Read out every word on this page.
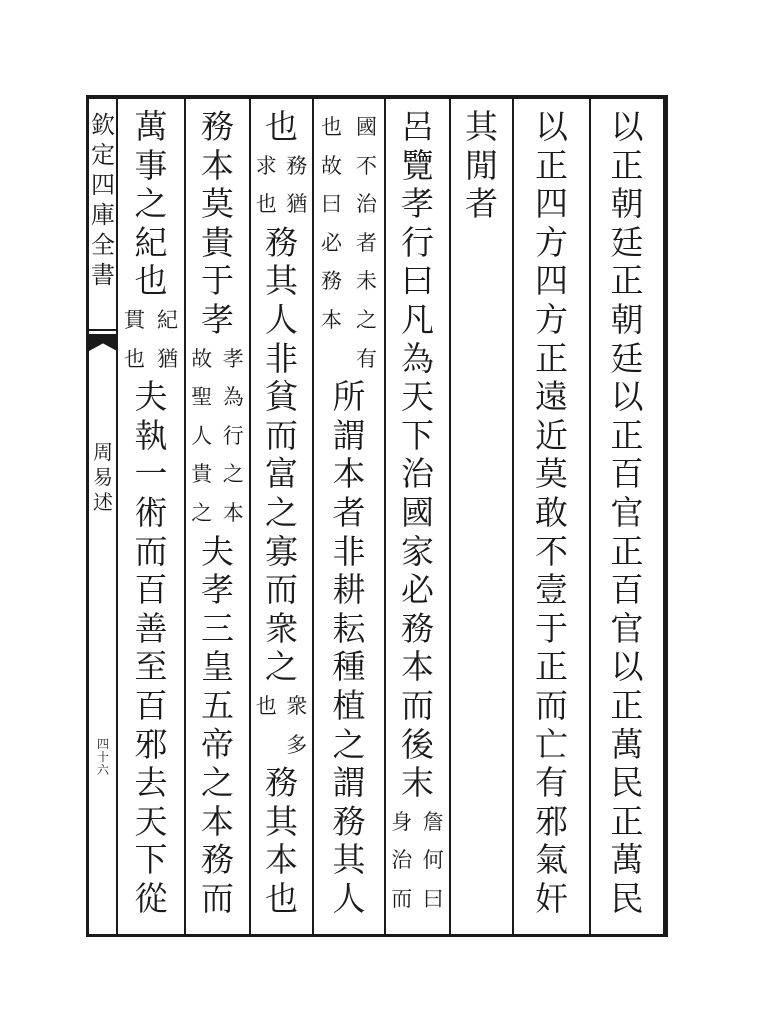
欽
定
四
庫
全
書
周
易
述
四
十
六
以
正
朝
廷
正
朝
廷
以
正
百
官
正
百
官
以
正
萬
民
正
萬
民
以
正
四
方
四
方
正
遠
近
莫
敢
不
壹
于
正
而
亡
有
邪
氣
奸
其
閒
者
呂
覽
孝
行
曰
凡
為
天
下
治
國
家
必
務
本
而
後
末
詹
何
曰
身
治
而
國
不
治
者
未
之
有
也
故
曰
必
務
本
所
謂
本
者
非
耕
耘
種
植
之
謂
務
其
人
也
務
猶
求
也
務
其
人
非
貧
而
富
之
寡
而
衆
之
衆
多
也
務
其
本
也
務
本
莫
貴
于
孝
孝
為
行
之
本
故
聖
人
貴
之
夫
孝
三
皇
五
帝
之
本
務
而
萬
事
之
紀
也
紀
猶
貫
也
夫
執
一
術
而
百
善
至
百
邪
去
天
下
從
